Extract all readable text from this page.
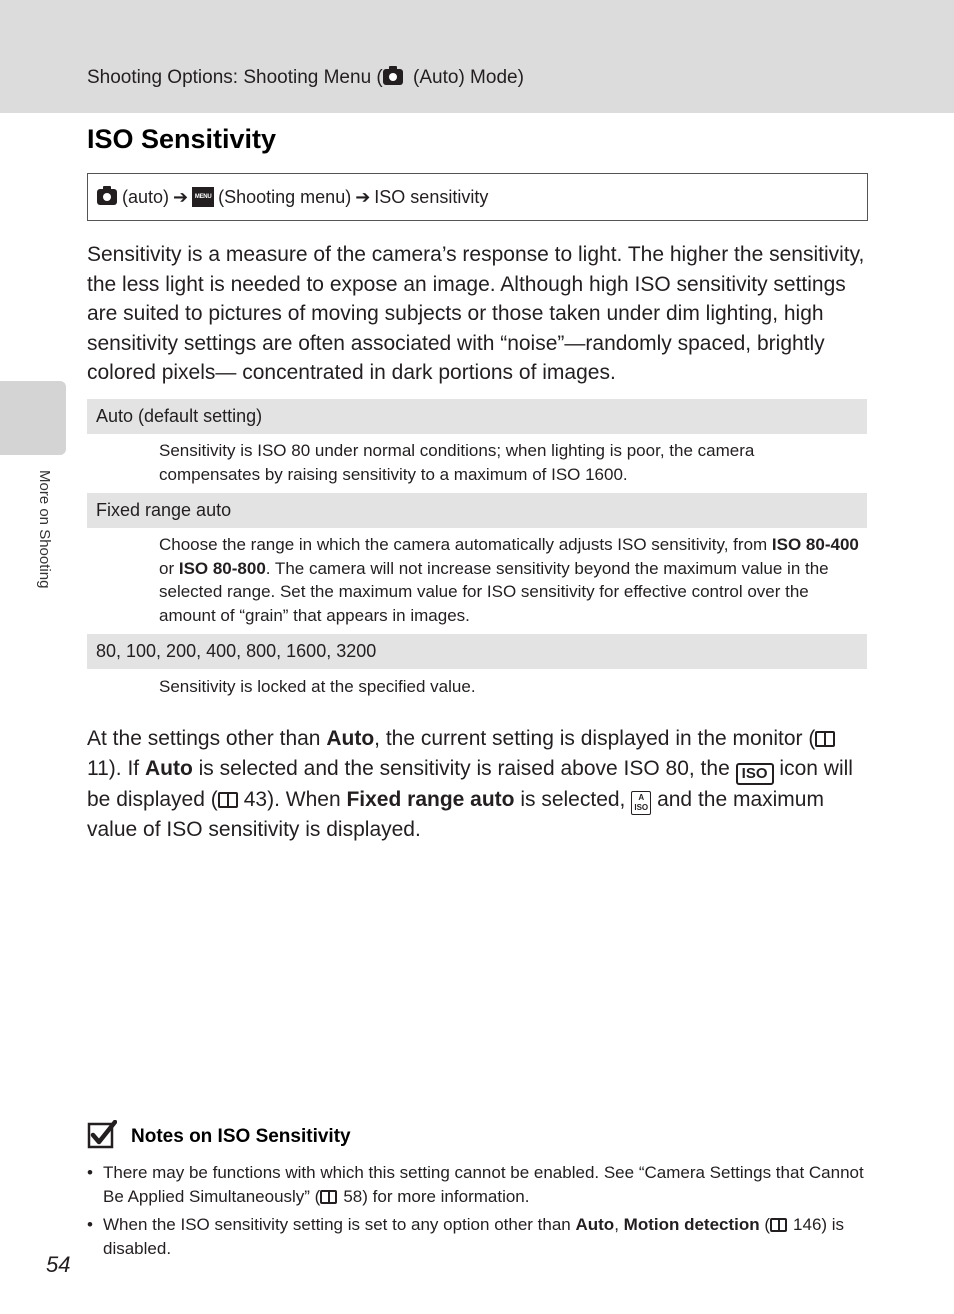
Shooting Options: Shooting Menu ( (Auto) Mode)
More on Shooting
ISO Sensitivity
(auto) ➔	MENU (Shooting menu) ➔ ISO sensitivity

Sensitivity is a measure of the camera’s response to light. The higher the sensitivity, the less light is needed to expose an image. Although high ISO sensitivity settings are suited to pictures of moving subjects or those taken under dim lighting, high sensitivity settings are often associated with “noise”—randomly spaced, brightly colored pixels— concentrated in dark portions of images.

Auto (default setting)
Sensitivity is ISO 80 under normal conditions; when lighting is poor, the camera compensates by raising sensitivity to a maximum of ISO 1600.
Fixed range auto
Choose the range in which the camera automatically adjusts ISO sensitivity, from ISO 80-400 or ISO 80-800. The camera will not increase sensitivity beyond the maximum value in the selected range. Set the maximum value for ISO sensitivity for effective control over the amount of “grain” that appears in images.
80, 100, 200, 400, 800, 1600, 3200
Sensitivity is locked at the specified value.

At the settings other than Auto, the current setting is displayed in the monitor (11). If Auto is selected and the sensitivity is raised above ISO 80, the ISO icon will be displayed ( 43). When Fixed range auto is selected, A
ISO and the maximum value of ISO sensitivity is displayed.

Notes on ISO Sensitivity
• There may be functions with which this setting cannot be enabled. See “Camera Settings that Cannot Be Applied Simultaneously” ( 58) for more information.
• When the ISO sensitivity setting is set to any option other than Auto, Motion detection ( 146) is disabled.
54
